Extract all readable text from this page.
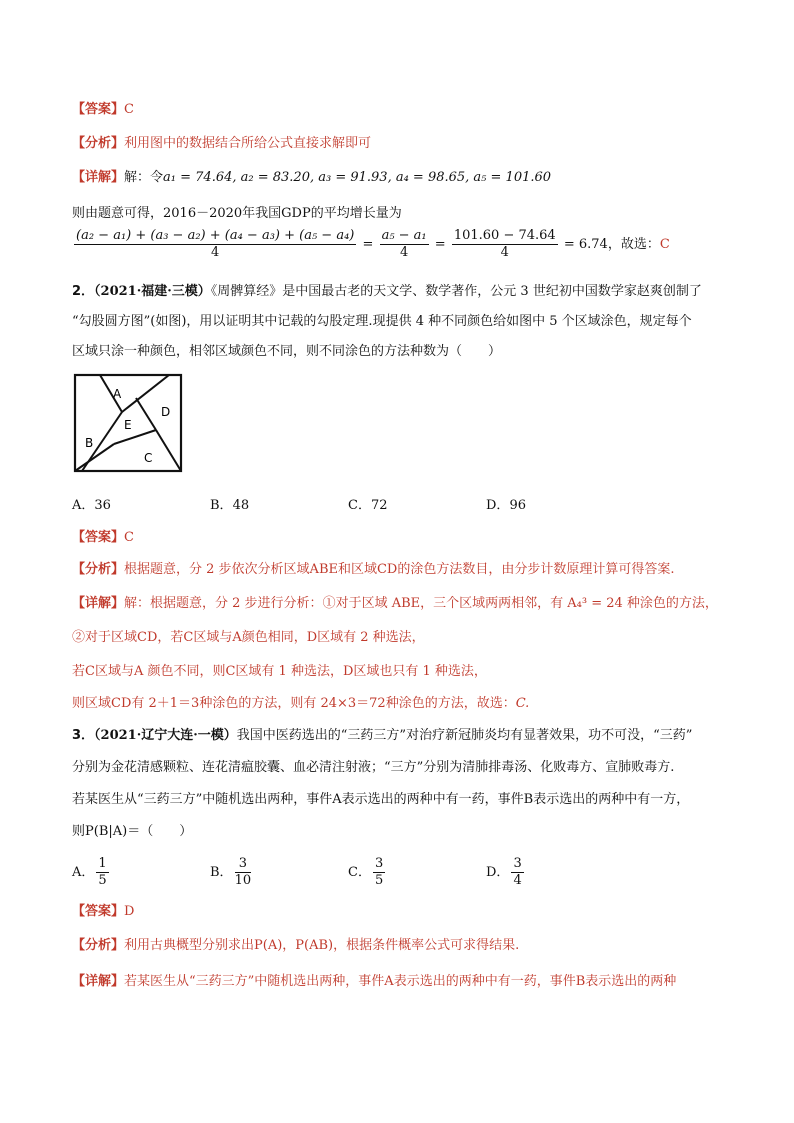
【答案】C
【分析】利用图中的数据结合所给公式直接求解即可
【详解】解：令a₁ = 74.64, a₂ = 83.20, a₃ = 91.93, a₄ = 98.65, a₅ = 101.60
则由题意可得，2016－2020年我国GDP的平均增长量为
$\frac{\text{(a₂ − a₁) + (a₃ − a₂) + (a₄ − a₃) + (a₅ − a₄)}}{4} = \frac{\text{a₅ − a₁}}{4} = \frac{101.60 - 74.64}{4} = 6.74$，故选：C
2．（2021·福建·三模）《周髀算经》是中国最古老的天文学、数学著作，公元 3 世纪初中国数学家赵爽创制了
“勾股圆方图”(如图)，用以证明其中记载的勾股定理.现提供 4 种不同颜色给如图中 5 个区域涂色，规定每个
区域只涂一种颜色，相邻区域颜色不同，则不同涂色的方法种数为（　　）
A
B
C
D
E
A．36	B．48	C．72	D．96
【答案】C
【分析】根据题意，分 2 步依次分析区域ABE和区域CD的涂色方法数目，由分步计数原理计算可得答案.
【详解】解：根据题意，分 2 步进行分析：①对于区域 ABE，三个区域两两相邻，有 A₄³ = 24 种涂色的方法，
②对于区域CD，若C区域与A颜色相同，D区域有 2 种选法，
若C区域与A 颜色不同，则C区域有 1 种选法，D区域也只有 1 种选法，
则区域CD有 2＋1＝3种涂色的方法，则有 24×3＝72种涂色的方法，故选：C.
3．（2021·辽宁大连·一模）我国中医药选出的“三药三方”对治疗新冠肺炎均有显著效果，功不可没，“三药”
分别为金花清感颗粒、连花清瘟胶囊、血必清注射液；“三方”分别为清肺排毒汤、化败毒方、宣肺败毒方.
若某医生从“三药三方”中随机选出两种，事件A表示选出的两种中有一药，事件B表示选出的两种中有一方，
则P(B|A)＝（　　）
A． $\frac{1}{5}$	B． $\frac{3}{10}$	C． $\frac{3}{5}$	D． $\frac{3}{4}$
【答案】D
【分析】利用古典概型分别求出P(A)，P(AB)，根据条件概率公式可求得结果.
【详解】若某医生从“三药三方”中随机选出两种，事件A表示选出的两种中有一药，事件B表示选出的两种
